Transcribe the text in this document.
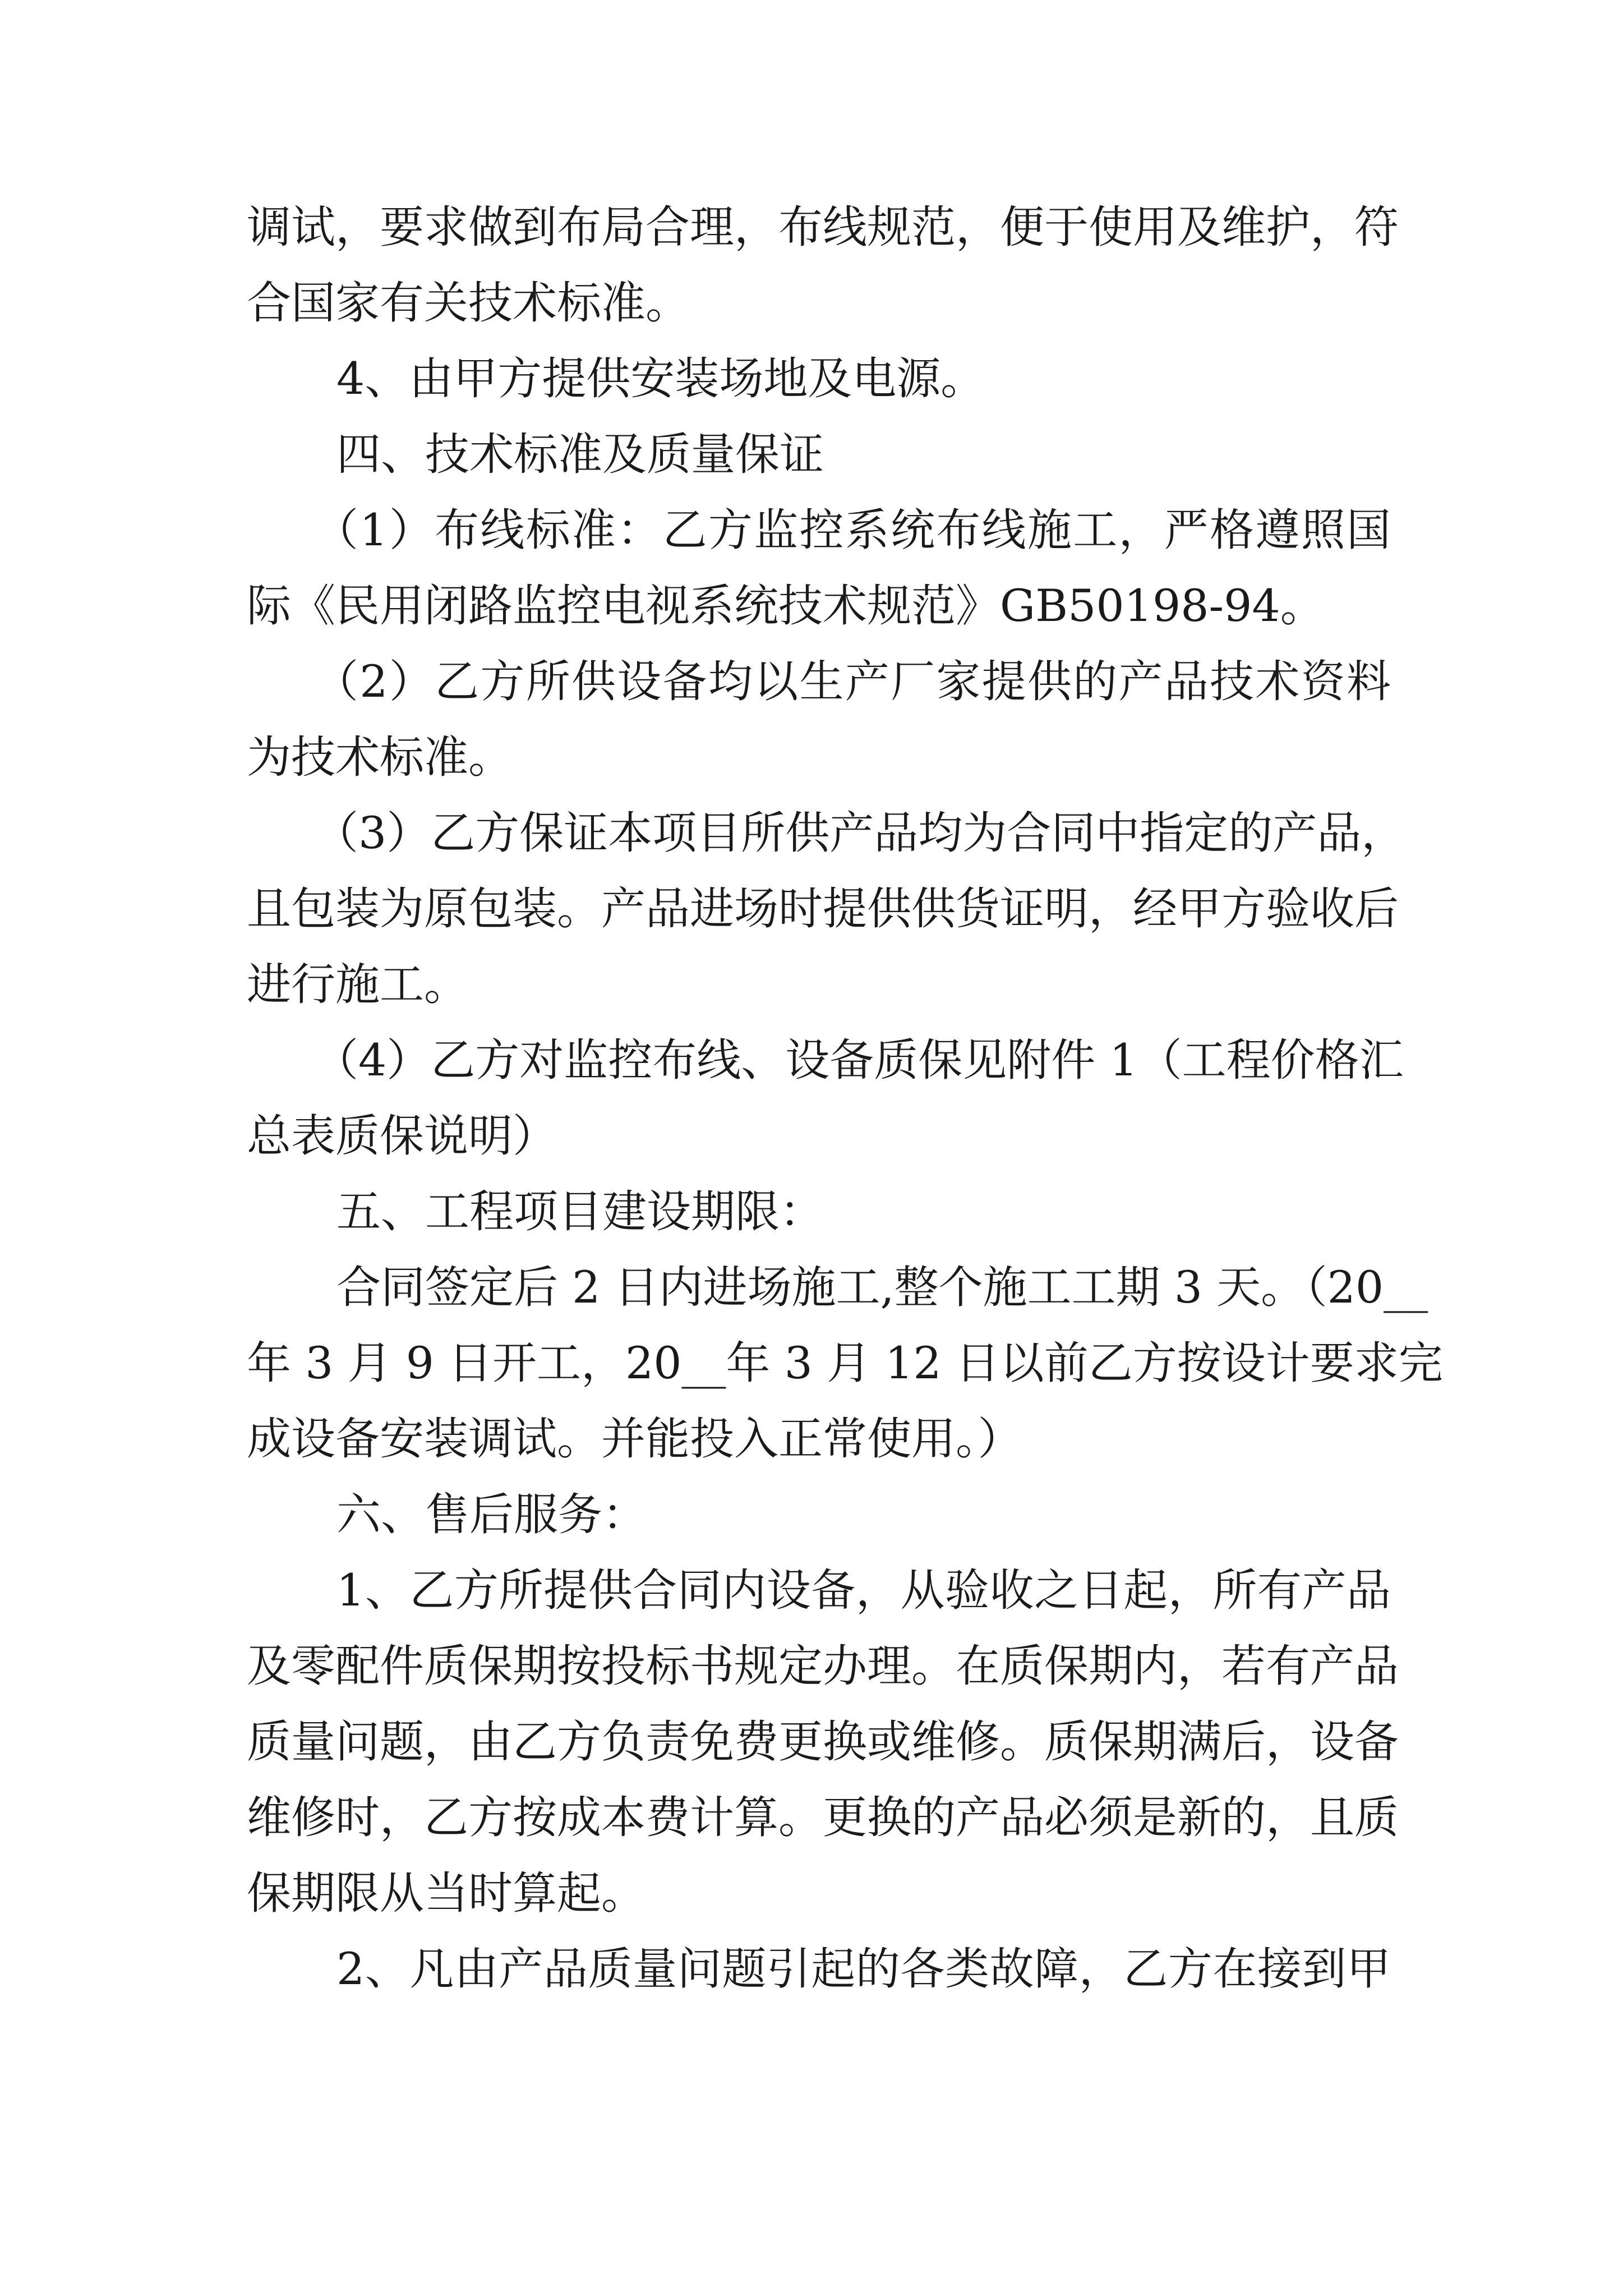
调试，要求做到布局合理，布线规范，便于使用及维护，符
合国家有关技术标准。
4、由甲方提供安装场地及电源。
四、技术标准及质量保证
（1）布线标准：乙方监控系统布线施工，严格遵照国
际《民用闭路监控电视系统技术规范》GB50198-94。
（2）乙方所供设备均以生产厂家提供的产品技术资料
为技术标准。
（3）乙方保证本项目所供产品均为合同中指定的产品，
且包装为原包装。产品进场时提供供货证明，经甲方验收后
进行施工。
（4）乙方对监控布线、设备质保见附件 1（工程价格汇
总表质保说明）
五、工程项目建设期限：
合同签定后 2 日内进场施工,整个施工工期 3 天。（20__
年 3 月 9 日开工，20__年 3 月 12 日以前乙方按设计要求完
成设备安装调试。并能投入正常使用。）
六、售后服务：
1、乙方所提供合同内设备，从验收之日起，所有产品
及零配件质保期按投标书规定办理。在质保期内，若有产品
质量问题，由乙方负责免费更换或维修。质保期满后，设备
维修时，乙方按成本费计算。更换的产品必须是新的，且质
保期限从当时算起。
2、凡由产品质量问题引起的各类故障，乙方在接到甲
